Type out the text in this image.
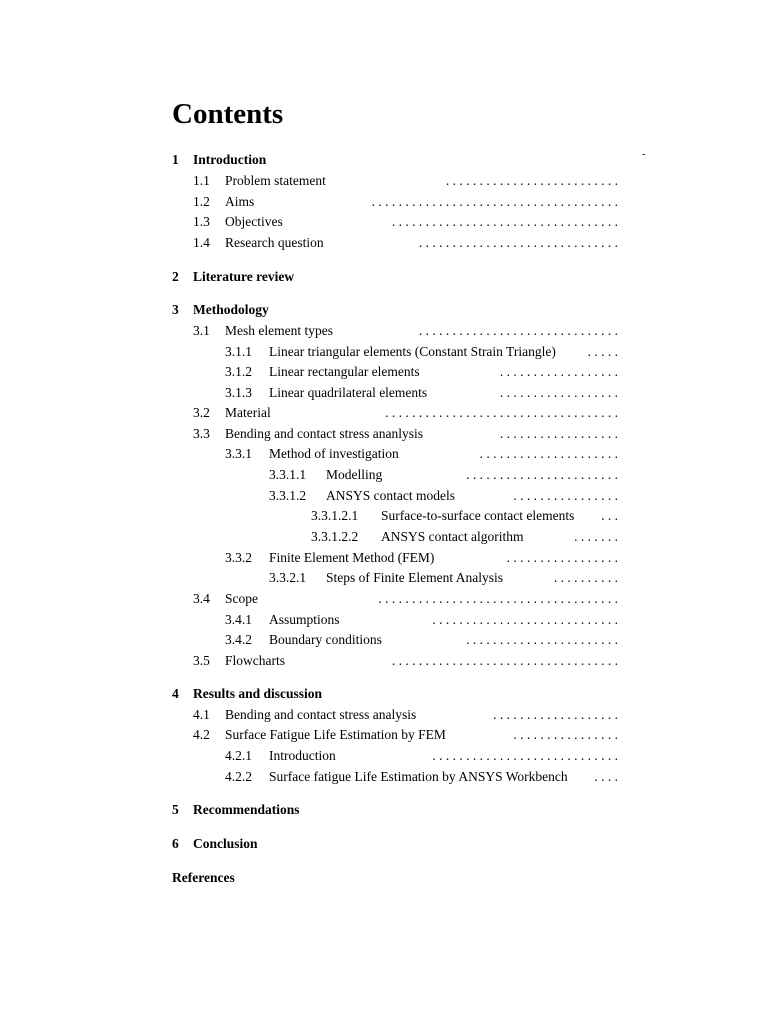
Contents
-
1 Introduction
1.1 Problem statement	. . . . . . . . . . . . . . . . . . . . . . . . . .
1.2 Aims	. . . . . . . . . . . . . . . . . . . . . . . . . . . . . . . . . . . . .
1.3 Objectives	. . . . . . . . . . . . . . . . . . . . . . . . . . . . . . . . . .
1.4 Research question	. . . . . . . . . . . . . . . . . . . . . . . . . . . . . .
2 Literature review
3 Methodology
3.1 Mesh element types	. . . . . . . . . . . . . . . . . . . . . . . . . . . . . .
3.1.1 Linear triangular elements (Constant Strain Triangle)	. . . . .
3.1.2 Linear rectangular elements	. . . . . . . . . . . . . . . . . .
3.1.3 Linear quadrilateral elements	. . . . . . . . . . . . . . . . . .
3.2 Material	. . . . . . . . . . . . . . . . . . . . . . . . . . . . . . . . . . .
3.3 Bending and contact stress ananlysis	. . . . . . . . . . . . . . . . . .
3.3.1 Method of investigation	. . . . . . . . . . . . . . . . . . . . .
3.3.1.1 Modelling	. . . . . . . . . . . . . . . . . . . . . . .
3.3.1.2 ANSYS contact models	. . . . . . . . . . . . . . . .
3.3.1.2.1 Surface-to-surface contact elements	. . .
3.3.1.2.2 ANSYS contact algorithm	. . . . . . .
3.3.2 Finite Element Method (FEM)	. . . . . . . . . . . . . . . . .
3.3.2.1 Steps of Finite Element Analysis	. . . . . . . . . .
3.4 Scope	. . . . . . . . . . . . . . . . . . . . . . . . . . . . . . . . . . . .
3.4.1 Assumptions	. . . . . . . . . . . . . . . . . . . . . . . . . . . .
3.4.2 Boundary conditions	. . . . . . . . . . . . . . . . . . . . . . .
3.5 Flowcharts	. . . . . . . . . . . . . . . . . . . . . . . . . . . . . . . . . .
4 Results and discussion
4.1 Bending and contact stress analysis	. . . . . . . . . . . . . . . . . . .
4.2 Surface Fatigue Life Estimation by FEM	. . . . . . . . . . . . . . . .
4.2.1 Introduction	. . . . . . . . . . . . . . . . . . . . . . . . . . . .
4.2.2 Surface fatigue Life Estimation by ANSYS Workbench	. . . .
5 Recommendations
6 Conclusion
References
